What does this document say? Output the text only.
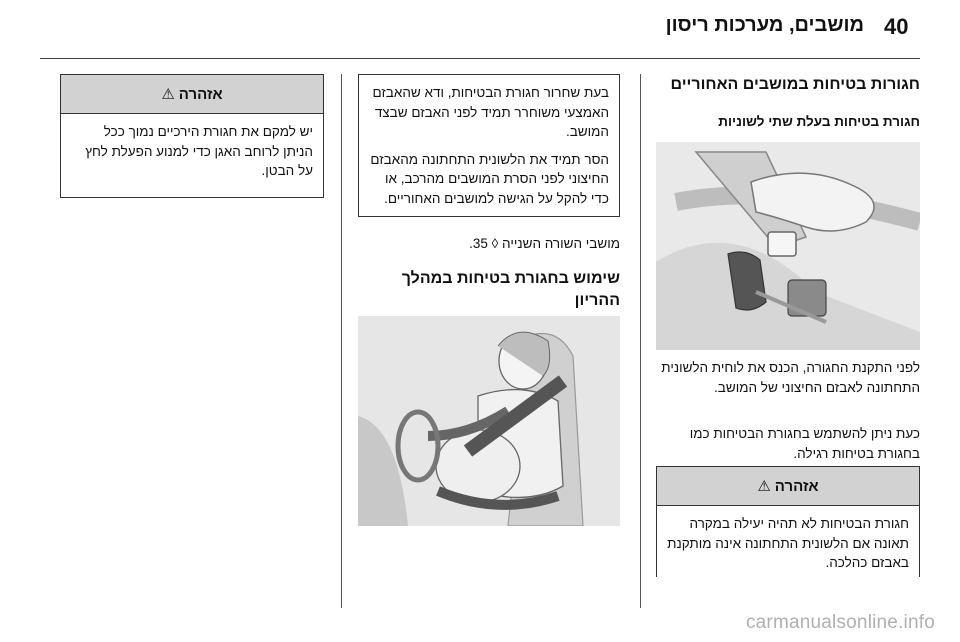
40
מושבים, מערכות ריסון
חגורות בטיחות במושבים האחוריים
חגורת בטיחות בעלת שתי לשוניות
לפני התקנת החגורה, הכנס את לוחית הלשונית התחתונה לאבזם החיצוני של המושב.
כעת ניתן להשתמש בחגורת הבטיחות כמו בחגורת בטיחות רגילה.
⚠ אזהרה
חגורת הבטיחות לא תהיה יעילה במקרה תאונה אם הלשונית התחתונה אינה מותקנת באבזם כהלכה.

בעת שחרור חגורת הבטיחות, ודא שהאבזם האמצעי משוחרר תמיד לפני האבזם שבצד המושב.

הסר תמיד את הלשונית התחתונה מהאבזם החיצוני לפני הסרת המושבים מהרכב, או כדי להקל על הגישה למושבים האחוריים.

מושבי השורה השנייה ◊ 35.
שימוש בחגורת בטיחות במהלך ההריון
⚠ אזהרה
יש למקם את חגורת הירכיים נמוך ככל הניתן לרוחב האגן כדי למנוע הפעלת לחץ על הבטן.
carmanualsonline.info
